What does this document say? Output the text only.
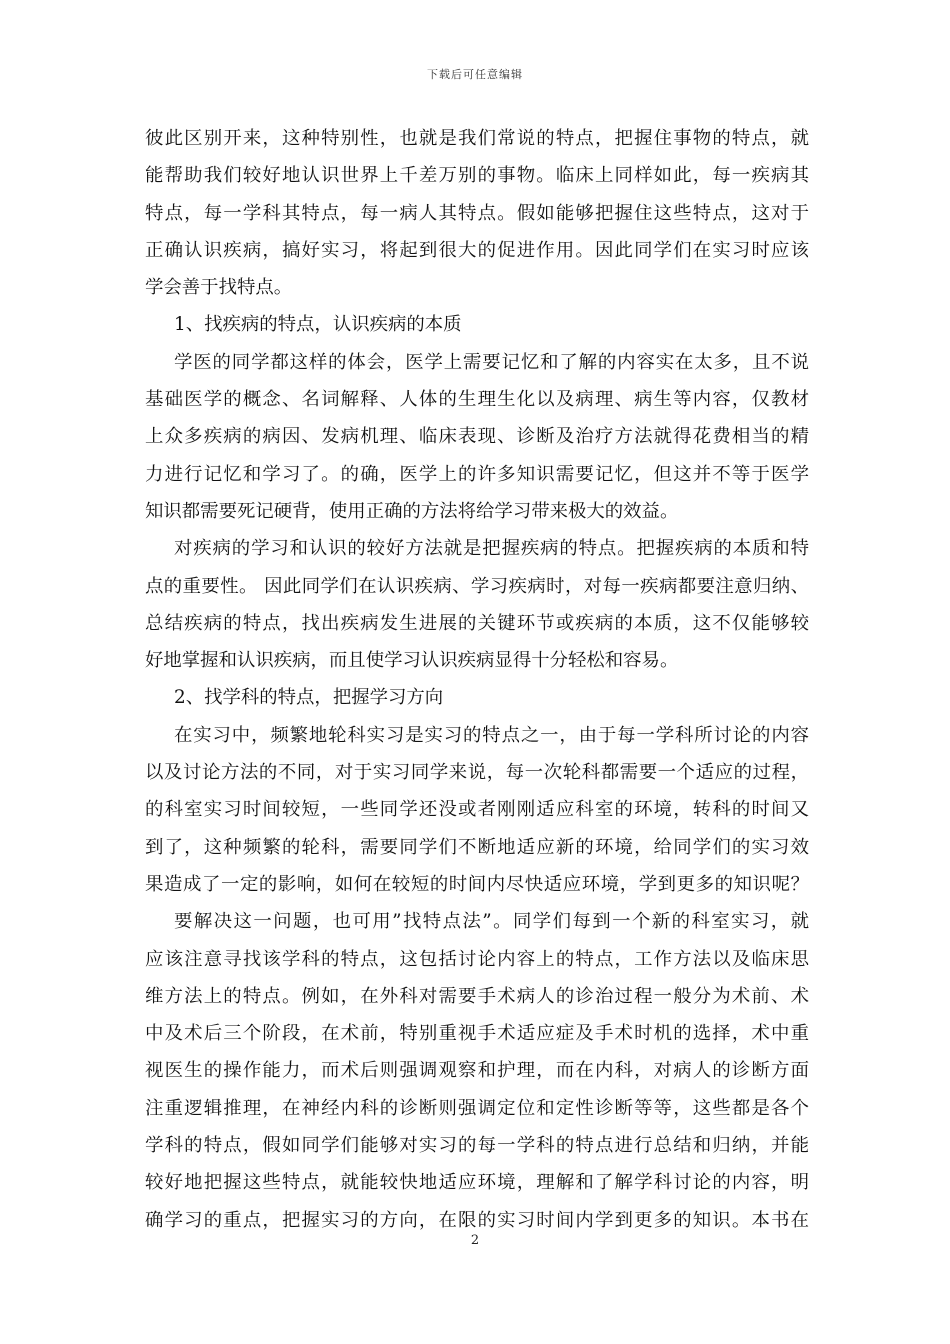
下载后可任意编辑
彼此区别开来，这种特别性，也就是我们常说的特点，把握住事物的特点，就
能帮助我们较好地认识世界上千差万别的事物。临床上同样如此，每一疾病其
特点，每一学科其特点，每一病人其特点。假如能够把握住这些特点，这对于
正确认识疾病，搞好实习，将起到很大的促进作用。因此同学们在实习时应该
学会善于找特点。
1、找疾病的特点，认识疾病的本质
学医的同学都这样的体会，医学上需要记忆和了解的内容实在太多，且不说
基础医学的概念、名词解释、人体的生理生化以及病理、病生等内容，仅教材
上众多疾病的病因、发病机理、临床表现、诊断及治疗方法就得花费相当的精
力进行记忆和学习了。的确，医学上的许多知识需要记忆，但这并不等于医学
知识都需要死记硬背，使用正确的方法将给学习带来极大的效益。
对疾病的学习和认识的较好方法就是把握疾病的特点。把握疾病的本质和特
点的重要性。 因此同学们在认识疾病、学习疾病时，对每一疾病都要注意归纳、
总结疾病的特点，找出疾病发生进展的关键环节或疾病的本质，这不仅能够较
好地掌握和认识疾病，而且使学习认识疾病显得十分轻松和容易。
2、找学科的特点，把握学习方向
在实习中，频繁地轮科实习是实习的特点之一，由于每一学科所讨论的内容
以及讨论方法的不同，对于实习同学来说，每一次轮科都需要一个适应的过程，
的科室实习时间较短，一些同学还没或者刚刚适应科室的环境，转科的时间又
到了，这种频繁的轮科，需要同学们不断地适应新的环境，给同学们的实习效
果造成了一定的影响，如何在较短的时间内尽快适应环境，学到更多的知识呢？
要解决这一问题，也可用”找特点法”。同学们每到一个新的科室实习，就
应该注意寻找该学科的特点，这包括讨论内容上的特点，工作方法以及临床思
维方法上的特点。例如，在外科对需要手术病人的诊治过程一般分为术前、术
中及术后三个阶段，在术前，特别重视手术适应症及手术时机的选择，术中重
视医生的操作能力，而术后则强调观察和护理，而在内科，对病人的诊断方面
注重逻辑推理，在神经内科的诊断则强调定位和定性诊断等等，这些都是各个
学科的特点，假如同学们能够对实习的每一学科的特点进行总结和归纳，并能
较好地把握这些特点，就能较快地适应环境，理解和了解学科讨论的内容，明
确学习的重点，把握实习的方向，在限的实习时间内学到更多的知识。本书在
2
